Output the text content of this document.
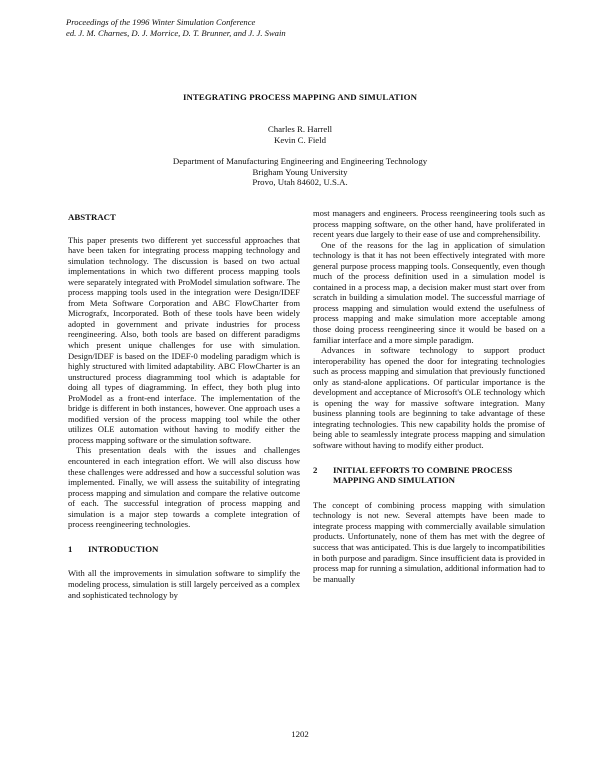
Proceedings of the 1996 Winter Simulation Conference
ed. J. M. Charnes, D. J. Morrice, D. T. Brunner, and J. J. Swain
INTEGRATING PROCESS MAPPING AND SIMULATION
Charles R. Harrell
Kevin C. Field
Department of Manufacturing Engineering and Engineering Technology
Brigham Young University
Provo, Utah 84602, U.S.A.
ABSTRACT

This paper presents two different yet successful approaches that have been taken for integrating process mapping technology and simulation technology. The discussion is based on two actual implementations in which two different process mapping tools were separately integrated with ProModel simulation software. The process mapping tools used in the integration were Design/IDEF from Meta Software Corporation and ABC FlowCharter from Micrografx, Incorporated. Both of these tools have been widely adopted in government and private industries for process reengineering. Also, both tools are based on different paradigms which present unique challenges for use with simulation. Design/IDEF is based on the IDEF-0 modeling paradigm which is highly structured with limited adaptability. ABC FlowCharter is an unstructured process diagramming tool which is adaptable for doing all types of diagramming. In effect, they both plug into ProModel as a front-end interface. The implementation of the bridge is different in both instances, however. One approach uses a modified version of the process mapping tool while the other utilizes OLE automation without having to modify either the process mapping software or the simulation software.

This presentation deals with the issues and challenges encountered in each integration effort. We will also discuss how these challenges were addressed and how a successful solution was implemented. Finally, we will assess the suitability of integrating process mapping and simulation and compare the relative outcome of each. The successful integration of process mapping and simulation is a major step towards a complete integration of process reengineering technologies.

1	INTRODUCTION

With all the improvements in simulation software to simplify the modeling process, simulation is still largely perceived as a complex and sophisticated technology by

most managers and engineers. Process reengineering tools such as process mapping software, on the other hand, have proliferated in recent years due largely to their ease of use and comprehensibility.

One of the reasons for the lag in application of simulation technology is that it has not been effectively integrated with more general purpose process mapping tools. Consequently, even though much of the process definition used in a simulation model is contained in a process map, a decision maker must start over from scratch in building a simulation model. The successful marriage of process mapping and simulation would extend the usefulness of process mapping and make simulation more acceptable among those doing process reengineering since it would be based on a familiar interface and a more simple paradigm.

Advances in software technology to support product interoperability has opened the door for integrating technologies such as process mapping and simulation that previously functioned only as stand-alone applications. Of particular importance is the development and acceptance of Microsoft's OLE technology which is opening the way for massive software integration. Many business planning tools are beginning to take advantage of these integrating technologies. This new capability holds the promise of being able to seamlessly integrate process mapping and simulation software without having to modify either product.

2	INITIAL EFFORTS TO COMBINE PROCESS MAPPING AND SIMULATION

The concept of combining process mapping with simulation technology is not new. Several attempts have been made to integrate process mapping with commercially available simulation products. Unfortunately, none of them has met with the degree of success that was anticipated. This is due largely to incompatibilities in both purpose and paradigm. Since insufficient data is provided in process map for running a simulation, additional information had to be manually

1202
